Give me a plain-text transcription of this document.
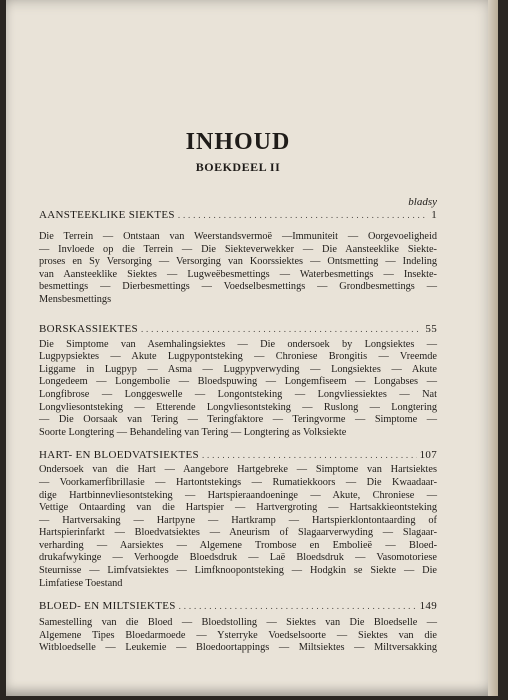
INHOUD
BOEKDEEL II
bladsy
AANSTEEKLIKE SIEKTES . . .	1
Die Terrein — Ontstaan van Weerstandsvermoë —Immuniteit — Oorgevoeligheid
— Invloede op die Terrein — Die Siekteverwekker — Die Aansteeklike Siekte-
proses en Sy Versorging — Versorging van Koorssiektes — Ontsmetting — Indeling
van Aansteeklike Siektes — Lugweëbesmettings — Waterbesmettings — Insekte-
besmettings — Dierbesmettings — Voedselbesmettings — Grondbesmettings —
Mensbesmettings
BORSKASSIEKTES . . .	55
Die Simptome van Asemhalingsiektes — Die ondersoek by Longsiektes —
Lugpypsiektes — Akute Lugpypontsteking — Chroniese Brongitis — Vreemde
Liggame in Lugpyp — Asma — Lugpypverwyding — Longsiektes — Akute
Longedeem — Longembolie — Bloedspuwing — Longemfiseem — Longabses —
Longfibrose — Longgeswelle — Longontsteking — Longvliessiektes — Nat
Longvliesontsteking — Etterende Longvliesontsteking — Ruslong — Longtering
— Die Oorsaak van Tering — Teringfaktore — Teringvorme — Simptome —
Soorte Longtering — Behandeling van Tering — Longtering as Volksiekte
HART- EN BLOEDVATSIEKTES . . .	107
Ondersoek van die Hart — Aangebore Hartgebreke — Simptome van Hartsiektes
— Voorkamerfibrillasie — Hartontstekings — Rumatiekkoors — Die Kwaadaar-
dige Hartbinnevliesontsteking — Hartspieraandoeninge — Akute, Chroniese —
Vettige Ontaarding van die Hartspier — Hartvergroting — Hartsakkieontsteking
— Hartversaking — Hartpyne — Hartkramp — Hartspierklontontaarding of
Hartspierinfarkt — Bloedvatsiektes — Aneurism of Slagaarverwyding — Slagaar-
verharding — Aarsiektes — Algemene Trombose en Embolieë — Bloed-
drukafwykinge — Verhoogde Bloedsdruk — Laë Bloedsdruk — Vasomotoriese
Steurnisse — Limfvatsiektes — Limfknoopontsteking — Hodgkin se Siekte — Die
Limfatiese Toestand
BLOED- EN MILTSIEKTES . . .	149
Samestelling van die Bloed — Bloedstolling — Siektes van Die Bloedselle —
Algemene Tipes Bloedarmoede — Ysterryke Voedselsoorte — Siektes van die
Witbloedselle — Leukemie — Bloedoortappings — Miltsiektes — Miltversakking
